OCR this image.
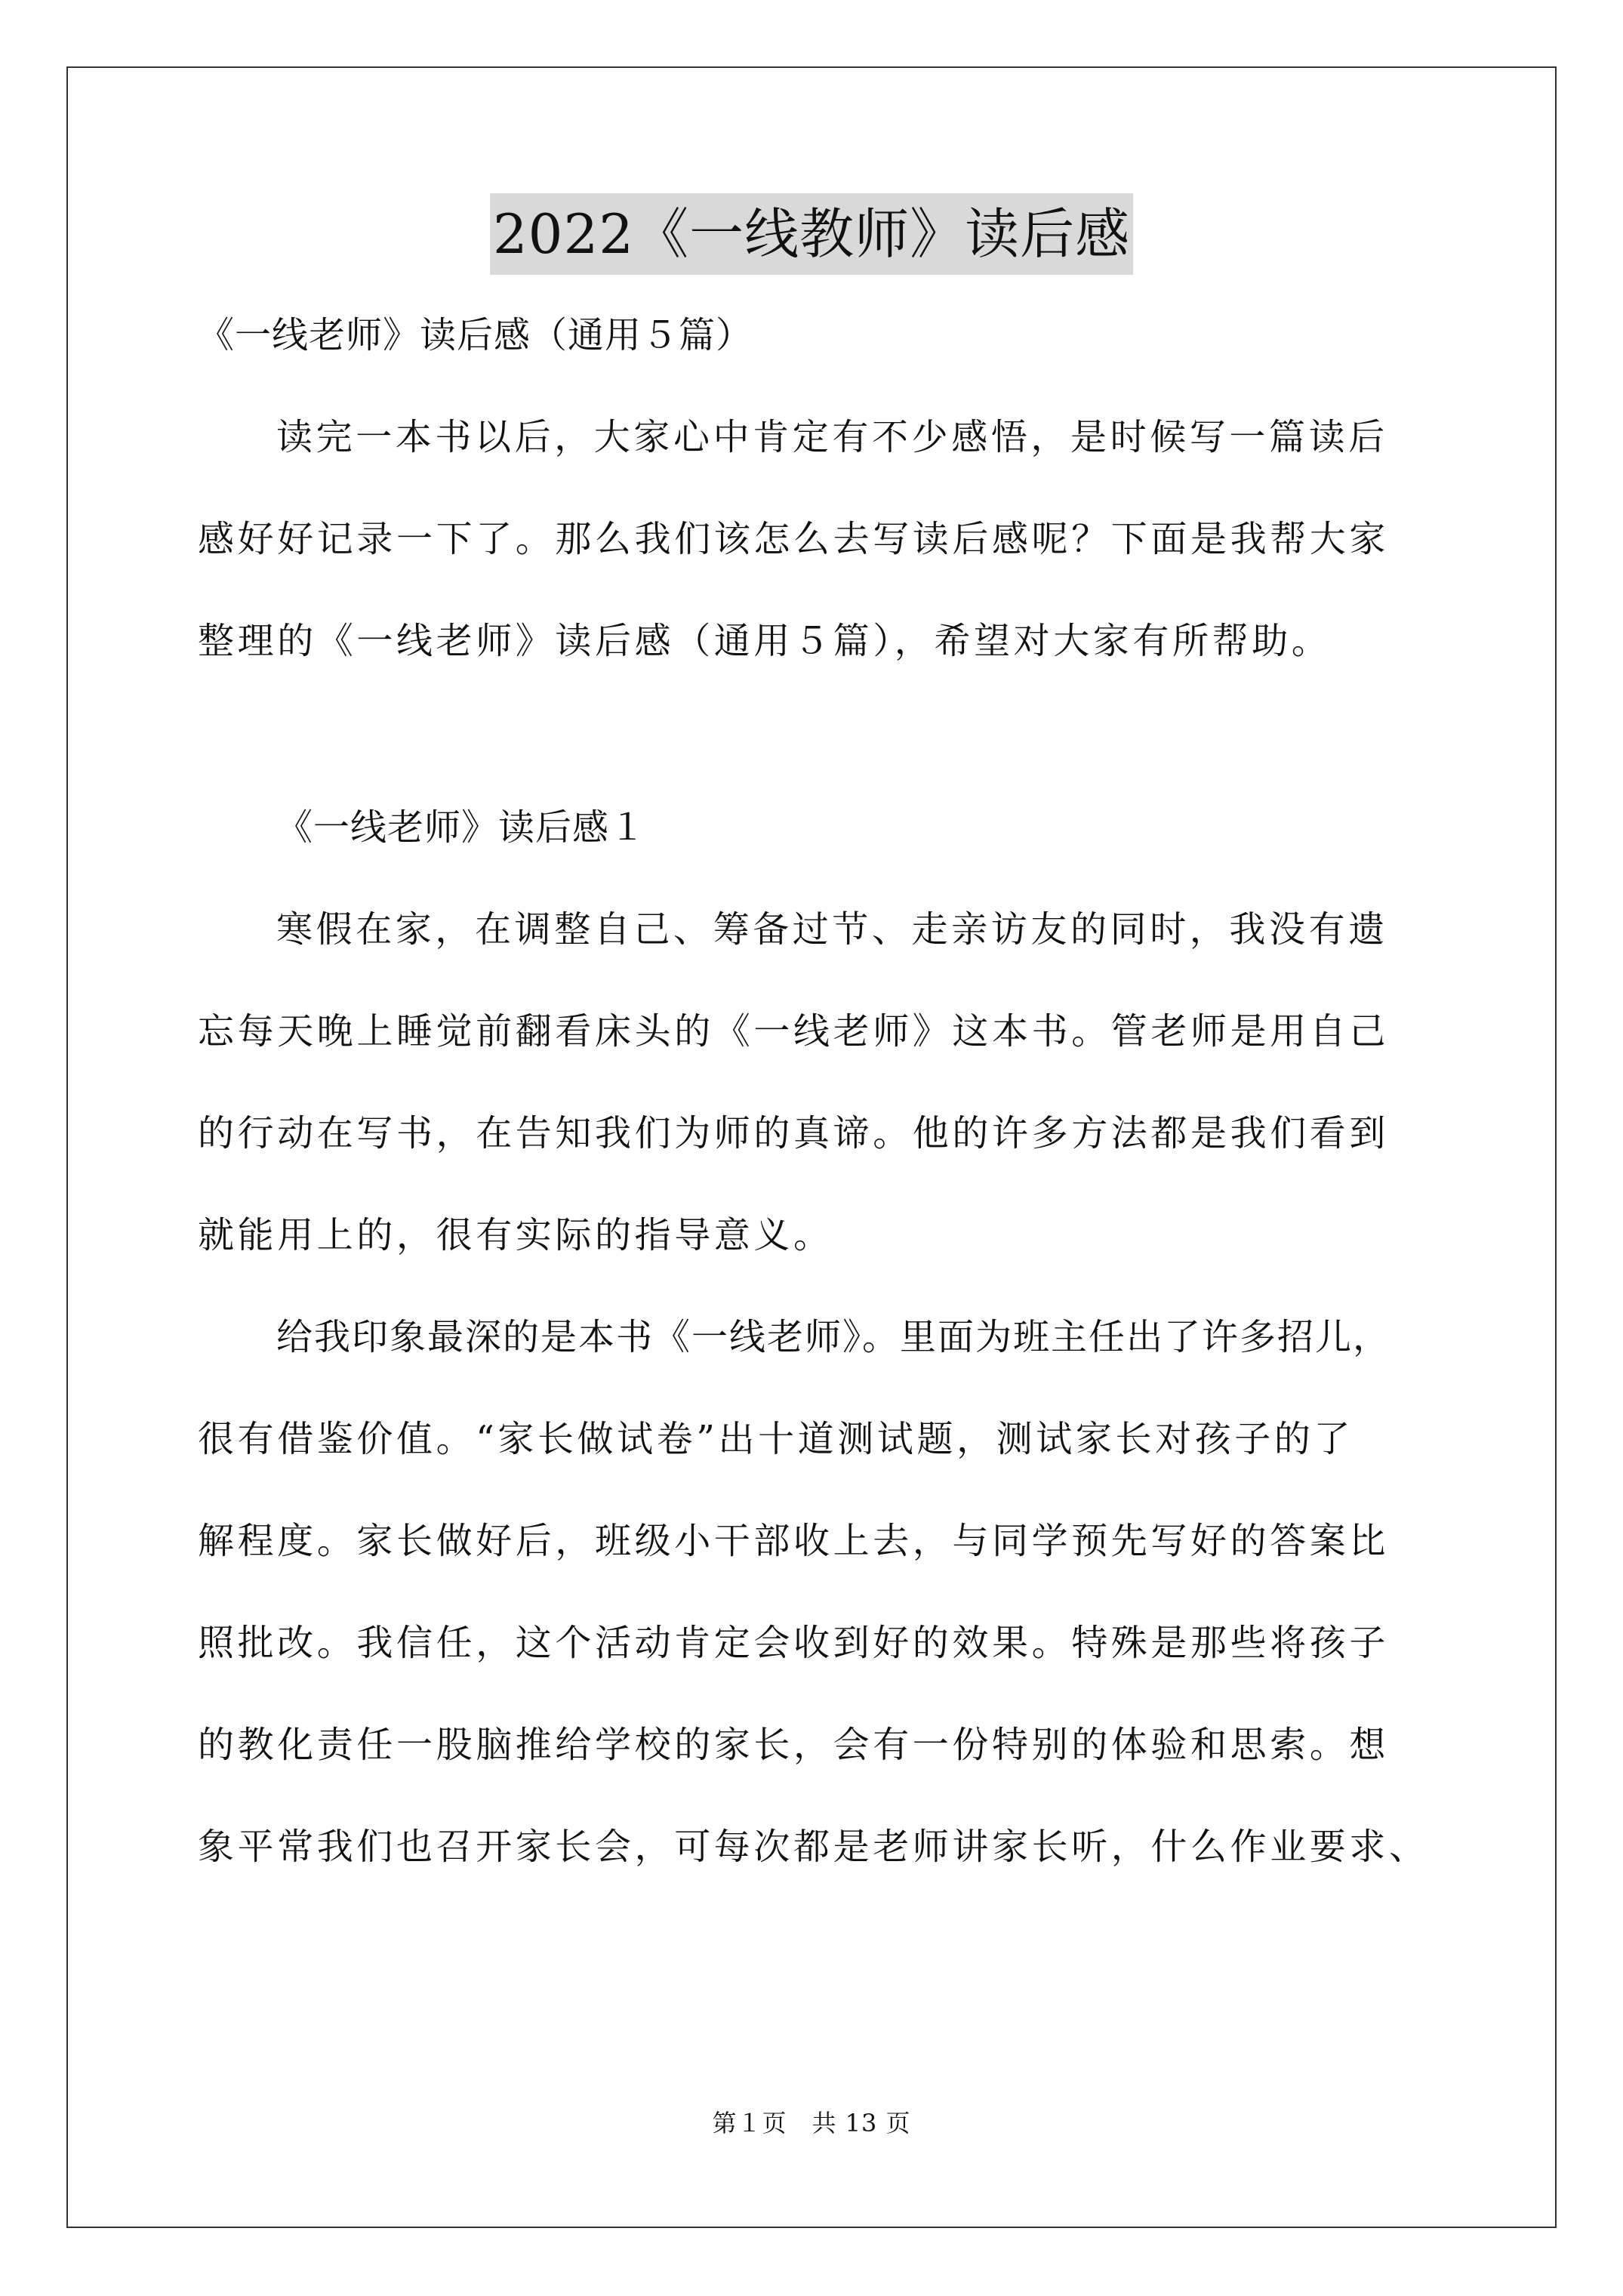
2022《一线教师》读后感
《一线老师》读后感（通用５篇）
读完一本书以后，大家心中肯定有不少感悟，是时候写一篇读后
感好好记录一下了。那么我们该怎么去写读后感呢？下面是我帮大家
整理的《一线老师》读后感（通用５篇），希望对大家有所帮助。
《一线老师》读后感１
寒假在家，在调整自己、筹备过节、走亲访友的同时，我没有遗
忘每天晚上睡觉前翻看床头的《一线老师》这本书。管老师是用自己
的行动在写书，在告知我们为师的真谛。他的许多方法都是我们看到
就能用上的，很有实际的指导意义。
给我印象最深的是本书《一线老师》。里面为班主任出了许多招儿，
很有借鉴价值。“家长做试卷”出十道测试题，测试家长对孩子的了
解程度。家长做好后，班级小干部收上去，与同学预先写好的答案比
照批改。我信任，这个活动肯定会收到好的效果。特殊是那些将孩子
的教化责任一股脑推给学校的家长，会有一份特别的体验和思索。想
象平常我们也召开家长会，可每次都是老师讲家长听，什么作业要求、
第１页　共 13 页
